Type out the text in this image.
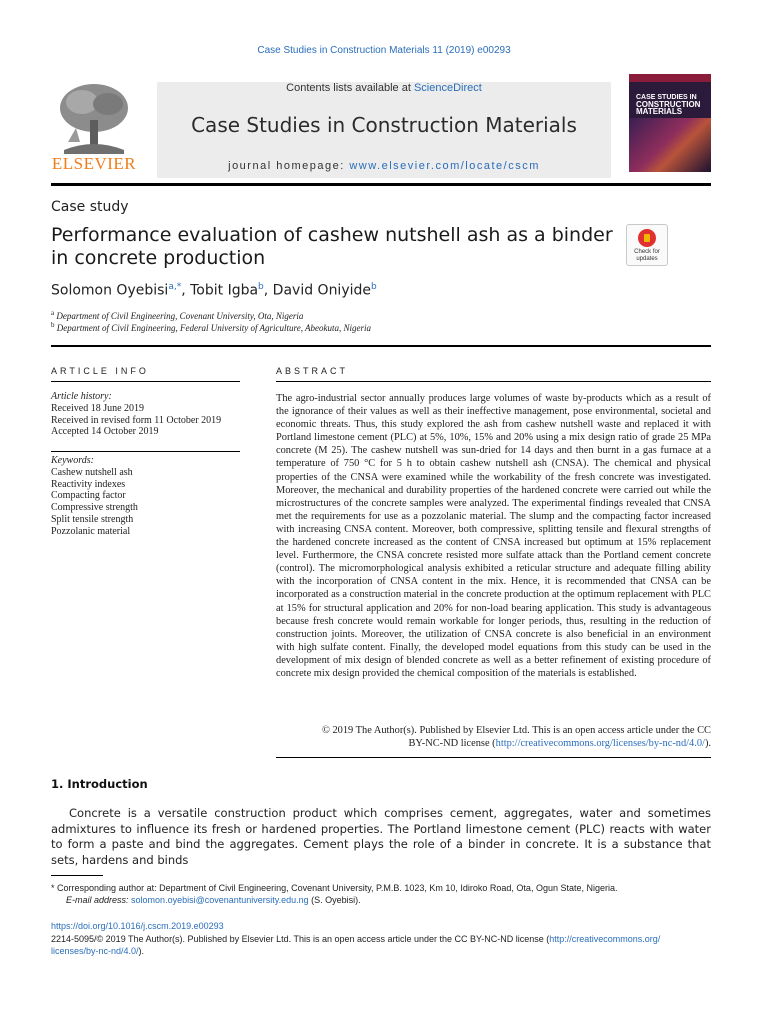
Case Studies in Construction Materials 11 (2019) e00293
ELSEVIER
Contents lists available at ScienceDirect
Case Studies in Construction Materials
journal homepage: www.elsevier.com/locate/cscm
CASE STUDIES IN
CONSTRUCTION
MATERIALS
Case study
Performance evaluation of cashew nutshell ash as a binder in concrete production	Check for updates
Solomon Oyebisi$^{a,*}$, Tobit Igba$^b$, David Oniyide$^b$
$^a$ Department of Civil Engineering, Covenant University, Ota, Nigeria
$^b$ Department of Civil Engineering, Federal University of Agriculture, Abeokuta, Nigeria
ARTICLE INFO
Article history:
Received 18 June 2019
Received in revised form 11 October 2019
Accepted 14 October 2019
Keywords:
Cashew nutshell ash
Reactivity indexes
Compacting factor
Compressive strength
Split tensile strength
Pozzolanic material
ABSTRACT
The agro-industrial sector annually produces large volumes of waste by-products which as a result of the ignorance of their values as well as their ineffective management, pose environmental, societal and economic threats. Thus, this study explored the ash from cashew nutshell waste and replaced it with Portland limestone cement (PLC) at 5%, 10%, 15% and 20% using a mix design ratio of grade 25 MPa concrete (M 25). The cashew nutshell was sun-dried for 14 days and then burnt in a gas furnace at a temperature of 750 °C for 5 h to obtain cashew nutshell ash (CNSA). The chemical and physical properties of the CNSA were examined while the workability of the fresh concrete was investigated. Moreover, the mechanical and durability properties of the hardened concrete were carried out while the microstructures of the concrete samples were analyzed. The experimental findings revealed that CNSA met the requirements for use as a pozzolanic material. The slump and the compacting factor increased with increasing CNSA content. Moreover, both compressive, splitting tensile and flexural strengths of the hardened concrete increased as the content of CNSA increased but optimum at 15% replacement level. Furthermore, the CNSA concrete resisted more sulfate attack than the Portland cement concrete (control). The micromorphological analysis exhibited a reticular structure and adequate filling ability with the incorporation of CNSA content in the mix. Hence, it is recommended that CNSA can be incorporated as a construction material in the concrete production at the optimum replacement with PLC at 15% for structural application and 20% for non-load bearing application. This study is advantageous because fresh concrete would remain workable for longer periods, thus, resulting in the reduction of construction joints. Moreover, the utilization of CNSA concrete is also beneficial in an environment with high sulfate content. Finally, the developed model equations from this study can be used in the development of mix design of blended concrete as well as a better refinement of existing procedure of concrete mix design provided the chemical composition of the materials is established.
© 2019 The Author(s). Published by Elsevier Ltd. This is an open access article under the CC
BY-NC-ND license (http://creativecommons.org/licenses/by-nc-nd/4.0/).
1. Introduction

Concrete is a versatile construction product which comprises cement, aggregates, water and sometimes admixtures to influence its fresh or hardened properties. The Portland limestone cement (PLC) reacts with water to form a paste and bind the aggregates. Cement plays the role of a binder in concrete. It is a substance that sets, hardens and binds

* Corresponding author at: Department of Civil Engineering, Covenant University, P.M.B. 1023, Km 10, Idiroko Road, Ota, Ogun State, Nigeria.
E-mail address: solomon.oyebisi@covenantuniversity.edu.ng (S. Oyebisi).
https://doi.org/10.1016/j.cscm.2019.e00293
2214-5095/© 2019 The Author(s). Published by Elsevier Ltd. This is an open access article under the CC BY-NC-ND license (http://creativecommons.org/
licenses/by-nc-nd/4.0/).
